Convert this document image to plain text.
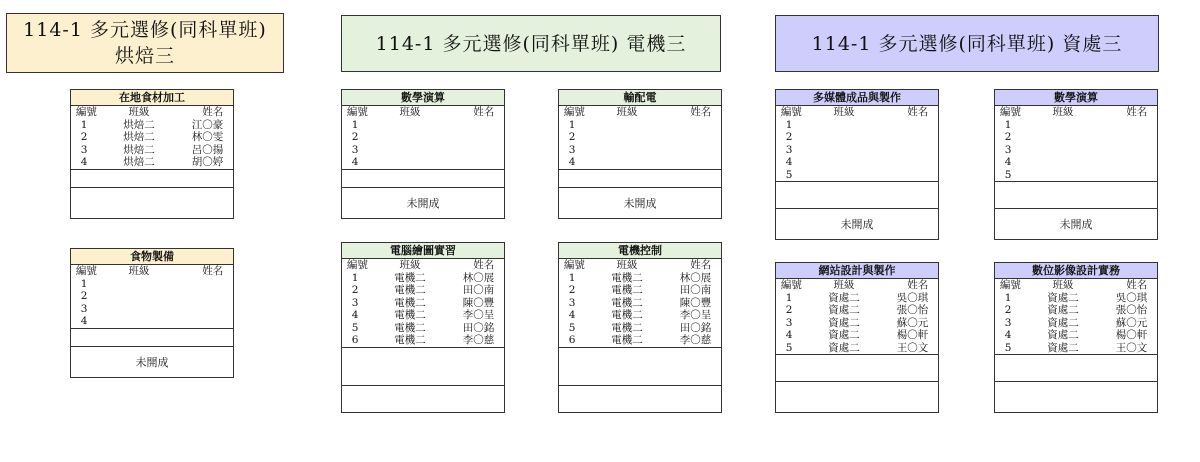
114-1 多元選修(同科單班)
烘焙三
114-1 多元選修(同科單班) 電機三	114-1 多元選修(同科單班) 資處三
在地食材加工
編號	班級	姓名
1	烘焙二	江〇豪
2	烘焙二	林〇雯
3	烘焙二	呂〇揚
4	烘焙二	胡〇婷
食物製備
編號	班級	姓名
1		
2		
3		
4		
未開成
數學演算
編號	班級	姓名
1		
2		
3		
4		
未開成
輸配電
編號	班級	姓名
1		
2		
3		
4		
未開成
電腦繪圖實習
編號	班級	姓名
1	電機二	林〇展
2	電機二	田〇南
3	電機二	陳〇豐
4	電機二	李〇呈
5	電機二	田〇銘
6	電機二	李〇慈
電機控制
編號	班級	姓名
1	電機二	林〇展
2	電機二	田〇南
3	電機二	陳〇豐
4	電機二	李〇呈
5	電機二	田〇銘
6	電機二	李〇慈
多媒體成品與製作
編號	班級	姓名
1		
2		
3		
4		
5		
未開成
數學演算
編號	班級	姓名
1		
2		
3		
4		
5		
未開成
網站設計與製作
編號	班級	姓名
1	資處二	吳〇琪
2	資處二	張〇怡
3	資處二	蘇〇元
4	資處二	楊〇軒
5	資處二	王〇文
數位影像設計實務
編號	班級	姓名
1	資處二	吳〇琪
2	資處二	張〇怡
3	資處二	蘇〇元
4	資處二	楊〇軒
5	資處二	王〇文
